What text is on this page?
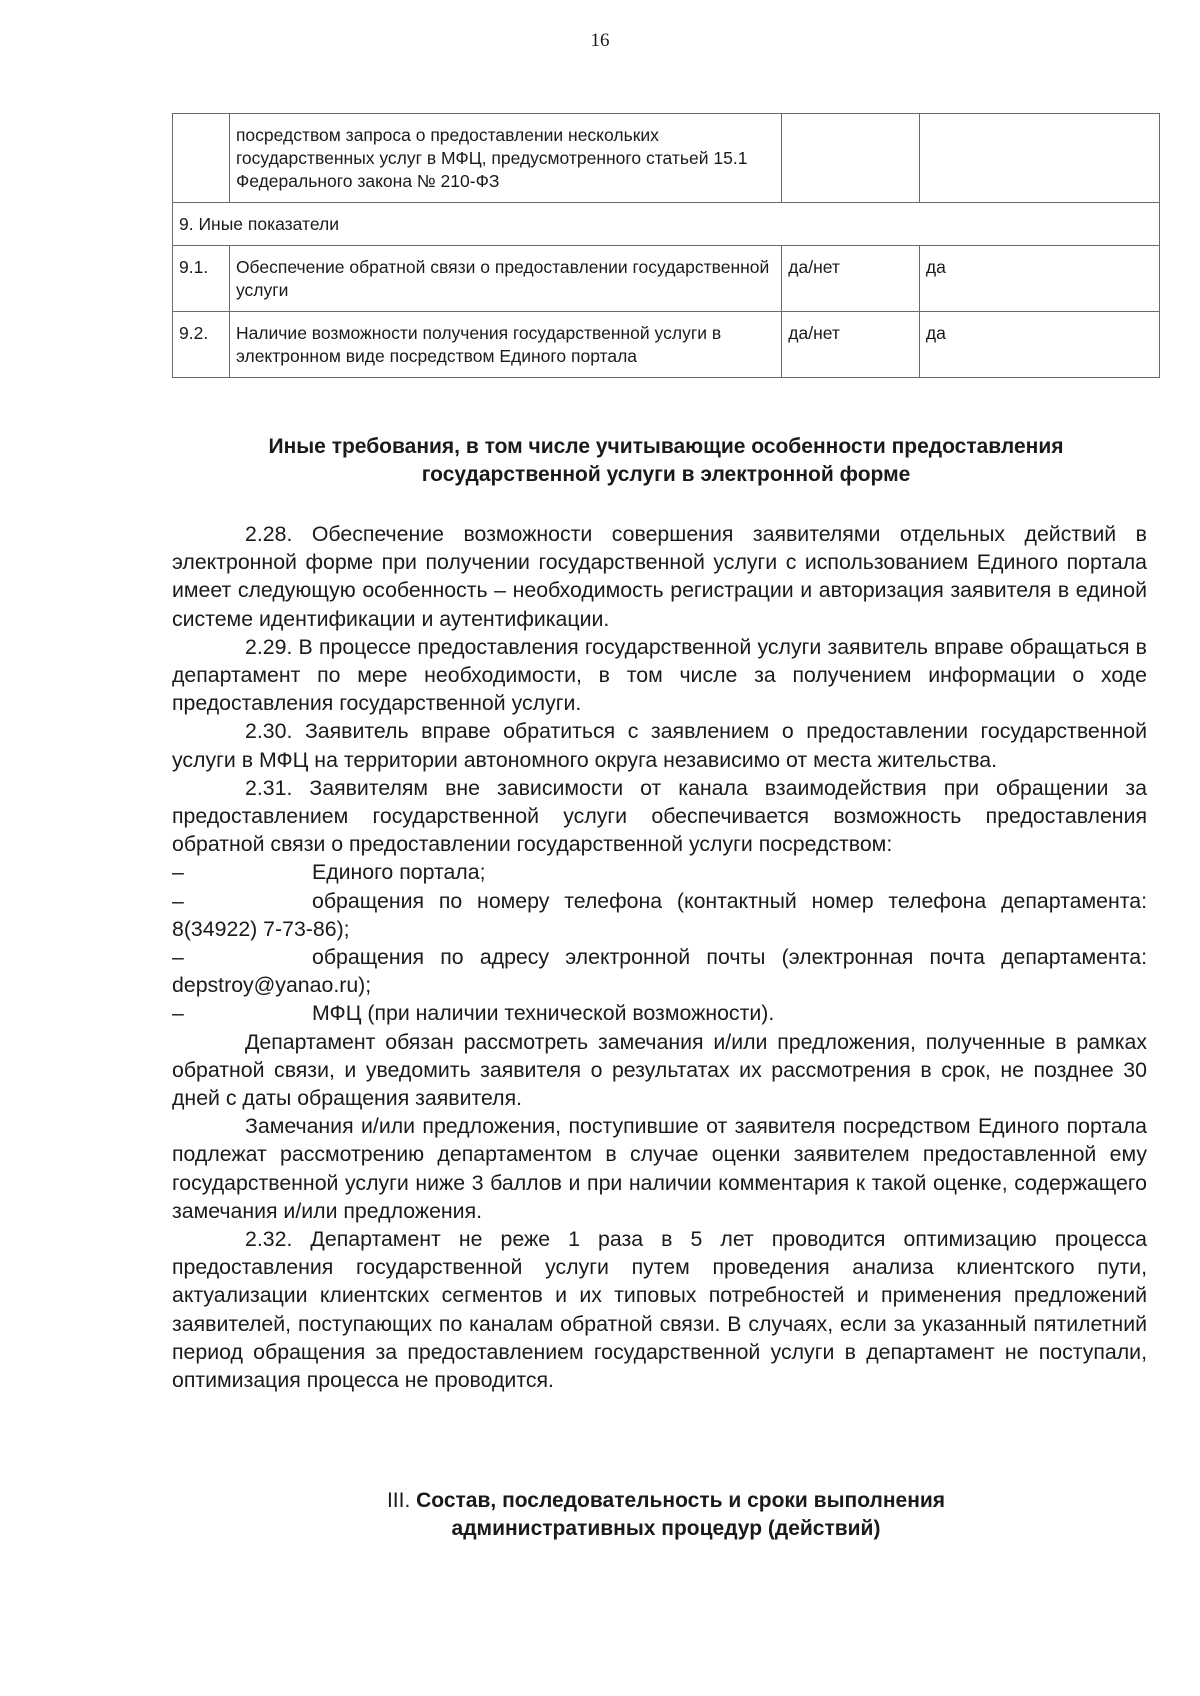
16
	посредством запроса о предоставлении нескольких государственных услуг в МФЦ, предусмотренного статьей 15.1 Федерального закона № 210-ФЗ		
9. Иные показатели			
9.1.	Обеспечение обратной связи о предоставлении государственной услуги	да/нет	да
9.2.	Наличие возможности получения государственной услуги в электронном виде посредством Единого портала	да/нет	да
Иные требования, в том числе учитывающие особенности предоставления
государственной услуги в электронной форме

2.28. Обеспечение возможности совершения заявителями отдельных действий в электронной форме при получении государственной услуги с использованием Единого портала имеет следующую особенность – необходимость регистрации и авторизация заявителя в единой системе идентификации и аутентификации.

2.29. В процессе предоставления государственной услуги заявитель вправе обращаться в департамент по мере необходимости, в том числе за получением информации о ходе предоставления государственной услуги.

2.30. Заявитель вправе обратиться с заявлением о предоставлении государственной услуги в МФЦ на территории автономного округа независимо от места жительства.

2.31. Заявителям вне зависимости от канала взаимодействия при обращении за предоставлением государственной услуги обеспечивается возможность предоставления обратной связи о предоставлении государственной услуги посредством:

–	Единого портала;

–	обращения по номеру телефона (контактный номер телефона департамента: 8(34922) 7-73-86);

–	обращения по адресу электронной почты (электронная почта департамента: depstroy@yanao.ru);

–	МФЦ (при наличии технической возможности).

Департамент обязан рассмотреть замечания и/или предложения, полученные в рамках обратной связи, и уведомить заявителя о результатах их рассмотрения в срок, не позднее 30 дней с даты обращения заявителя.

Замечания и/или предложения, поступившие от заявителя посредством Единого портала подлежат рассмотрению департаментом в случае оценки заявителем предоставленной ему государственной услуги ниже 3 баллов и при наличии комментария к такой оценке, содержащего замечания и/или предложения.

2.32. Департамент не реже 1 раза в 5 лет проводится оптимизацию процесса предоставления государственной услуги путем проведения анализа клиентского пути, актуализации клиентских сегментов и их типовых потребностей и применения предложений заявителей, поступающих по каналам обратной связи. В случаях, если за указанный пятилетний период обращения за предоставлением государственной услуги в департамент не поступали, оптимизация процесса не проводится.

III. Состав, последовательность и сроки выполнения
административных процедур (действий)
